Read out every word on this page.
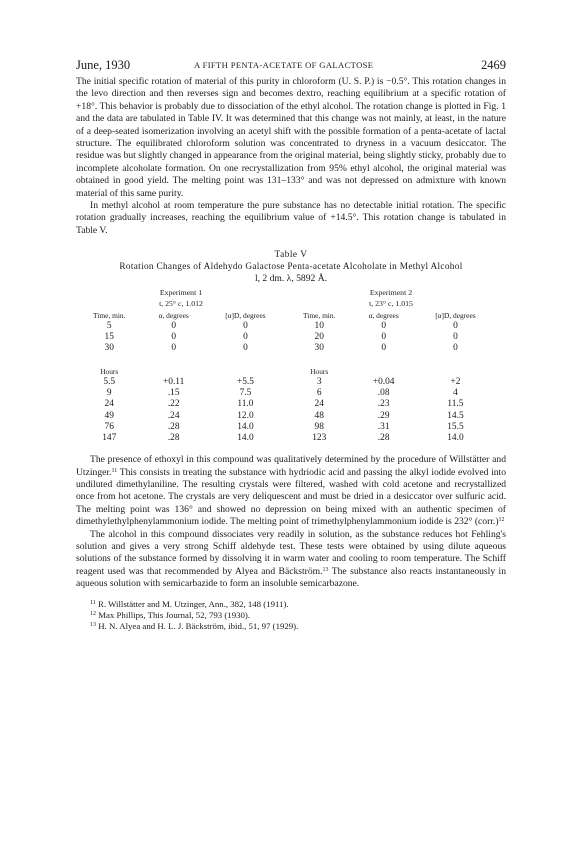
June, 1930	A FIFTH PENTA-ACETATE OF GALACTOSE	2469

The initial specific rotation of material of this purity in chloroform (U. S. P.) is −0.5°. This rotation changes in the levo direction and then reverses sign and becomes dextro, reaching equilibrium at a specific rotation of +18°. This behavior is probably due to dissociation of the ethyl alcohol. The rotation change is plotted in Fig. 1 and the data are tabulated in Table IV. It was determined that this change was not mainly, at least, in the nature of a deep-seated isomerization involving an acetyl shift with the possible formation of a penta-acetate of lactal structure. The equilibrated chloroform solution was concentrated to dryness in a vacuum desiccator. The residue was but slightly changed in appearance from the original material, being slightly sticky, probably due to incomplete alcoholate formation. On one recrystallization from 95% ethyl alcohol, the original material was obtained in good yield. The melting point was 131–133° and was not depressed on admixture with known material of this same purity.

In methyl alcohol at room temperature the pure substance has no detectable initial rotation. The specific rotation gradually increases, reaching the equilibrium value of +14.5°. This rotation change is tabulated in Table V.

Table V
Rotation Changes of Aldehydo Galactose Penta-acetate Alcoholate in Methyl Alcohol
l, 2 dm. λ, 5892 Å.
Experiment 1			Experiment 2		
t, 25° c, 1.012			t, 23° c, 1.015		
Time, min.	α, degrees	[α]D, degrees	Time, min.	α, degrees	[α]D, degrees
5	0	0	10	0	0
15	0	0	20	0	0
30	0	0	30	0	0

Hours			Hours		
5.5	+0.11	+5.5	3	+0.04	+2
9	.15	7.5	6	.08	4
24	.22	11.0	24	.23	11.5
49	.24	12.0	48	.29	14.5
76	.28	14.0	98	.31	15.5
147	.28	14.0	123	.28	14.0

The presence of ethoxyl in this compound was qualitatively determined by the procedure of Willstätter and Utzinger.$^{11}$ This consists in treating the substance with hydriodic acid and passing the alkyl iodide evolved into undiluted dimethylaniline. The resulting crystals were filtered, washed with cold acetone and recrystallized once from hot acetone. The crystals are very deliquescent and must be dried in a desiccator over sulfuric acid. The melting point was 136° and showed no depression on being mixed with an authentic specimen of dimethylethylphenylammonium iodide. The melting point of trimethylphenylammonium iodide is 232° (corr.)$^{12}$

The alcohol in this compound dissociates very readily in solution, as the substance reduces hot Fehling's solution and gives a very strong Schiff aldehyde test. These tests were obtained by using dilute aqueous solutions of the substance formed by dissolving it in warm water and cooling to room temperature. The Schiff reagent used was that recommended by Alyea and Bäckström.$^{13}$ The substance also reacts instantaneously in aqueous solution with semicarbazide to form an insoluble semicarbazone.

$^{11}$ R. Willstätter and M. Utzinger, Ann., 382, 148 (1911).
$^{12}$ Max Phillips, This Journal, 52, 793 (1930).
$^{13}$ H. N. Alyea and H. L. J. Bäckström, ibid., 51, 97 (1929).
